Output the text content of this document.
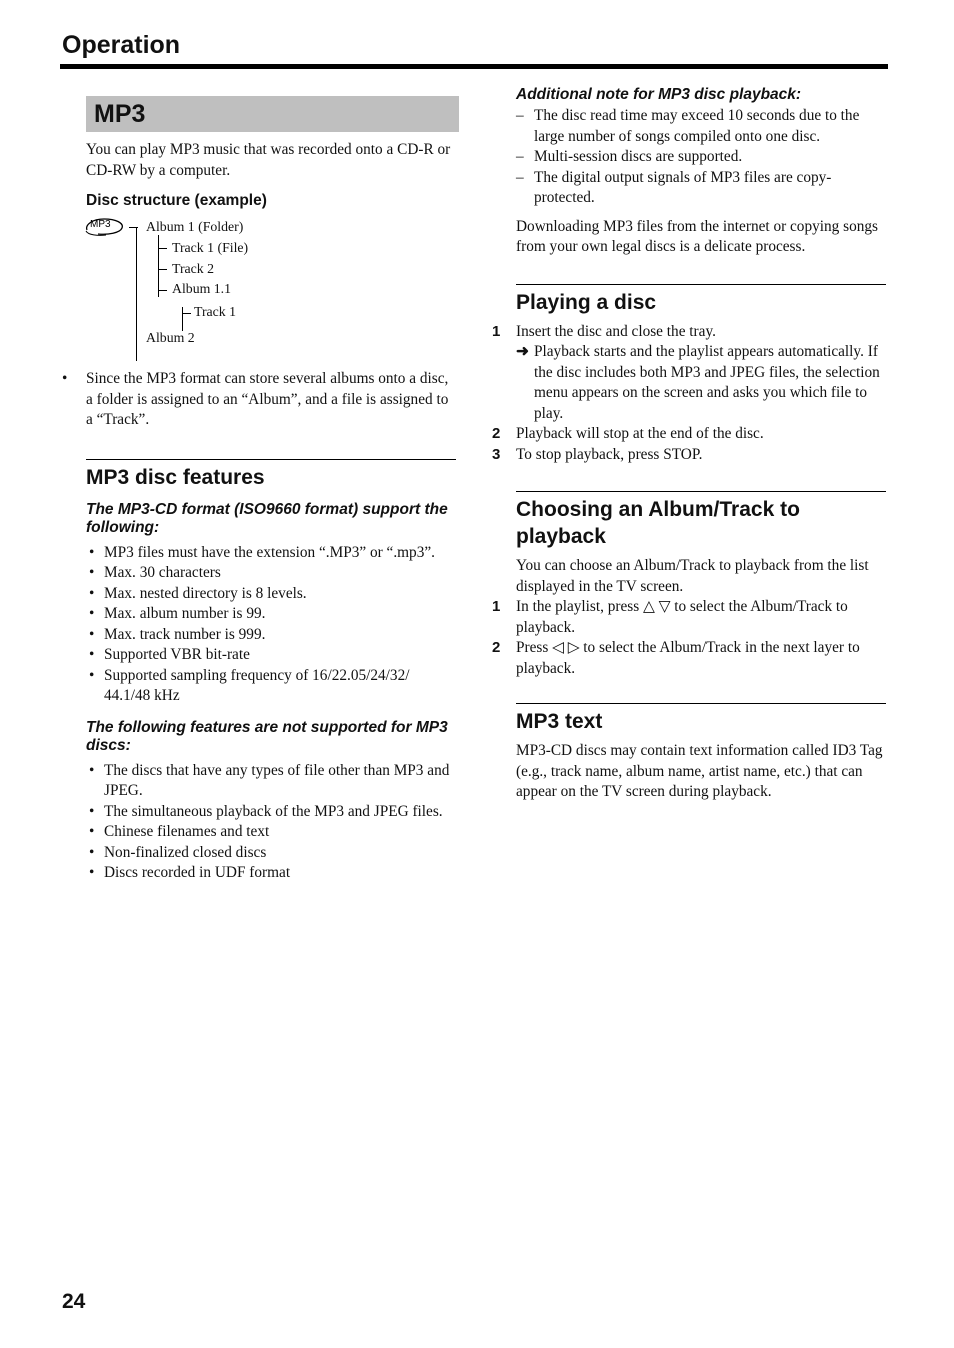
Operation
MP3

You can play MP3 music that was recorded onto a CD-R or CD-RW by a computer.

Disc structure (example)
MP3	Album 1 (Folder)
Track 1 (File)
Track 2
Album 1.1
Track 1
Album 2
• Since the MP3 format can store several albums onto a disc, a folder is assigned to an “Album”, and a file is assigned to a “Track”.
MP3 disc features
The MP3-CD format (ISO9660 format) support the following:
• MP3 files must have the extension “.MP3” or “.mp3”.
• Max. 30 characters
• Max. nested directory is 8 levels.
• Max. album number is 99.
• Max. track number is 999.
• Supported VBR bit-rate
• Supported sampling frequency of 16/22.05/24/32/ 44.1/48 kHz
The following features are not supported for MP3 discs:
• The discs that have any types of file other than MP3 and JPEG.
• The simultaneous playback of the MP3 and JPEG files.
• Chinese filenames and text
• Non-finalized closed discs
• Discs recorded in UDF format
Additional note for MP3 disc playback:
– The disc read time may exceed 10 seconds due to the large number of songs compiled onto one disc.
– Multi-session discs are supported.
– The digital output signals of MP3 files are copy-protected.

Downloading MP3 files from the internet or copying songs from your own legal discs is a delicate process.

Playing a disc
1 Insert the disc and close the tray.
➜ Playback starts and the playlist appears automatically. If the disc includes both MP3 and JPEG files, the selection menu appears on the screen and asks you which file to play.
2 Playback will stop at the end of the disc.
3 To stop playback, press STOP.
Choosing an Album/Track to playback

You can choose an Album/Track to playback from the list displayed in the TV screen.

1 In the playlist, press △ ▽ to select the Album/Track to playback.
2 Press ◁ ▷ to select the Album/Track in the next layer to playback.
MP3 text

MP3-CD discs may contain text information called ID3 Tag (e.g., track name, album name, artist name, etc.) that can appear on the TV screen during playback.

24
